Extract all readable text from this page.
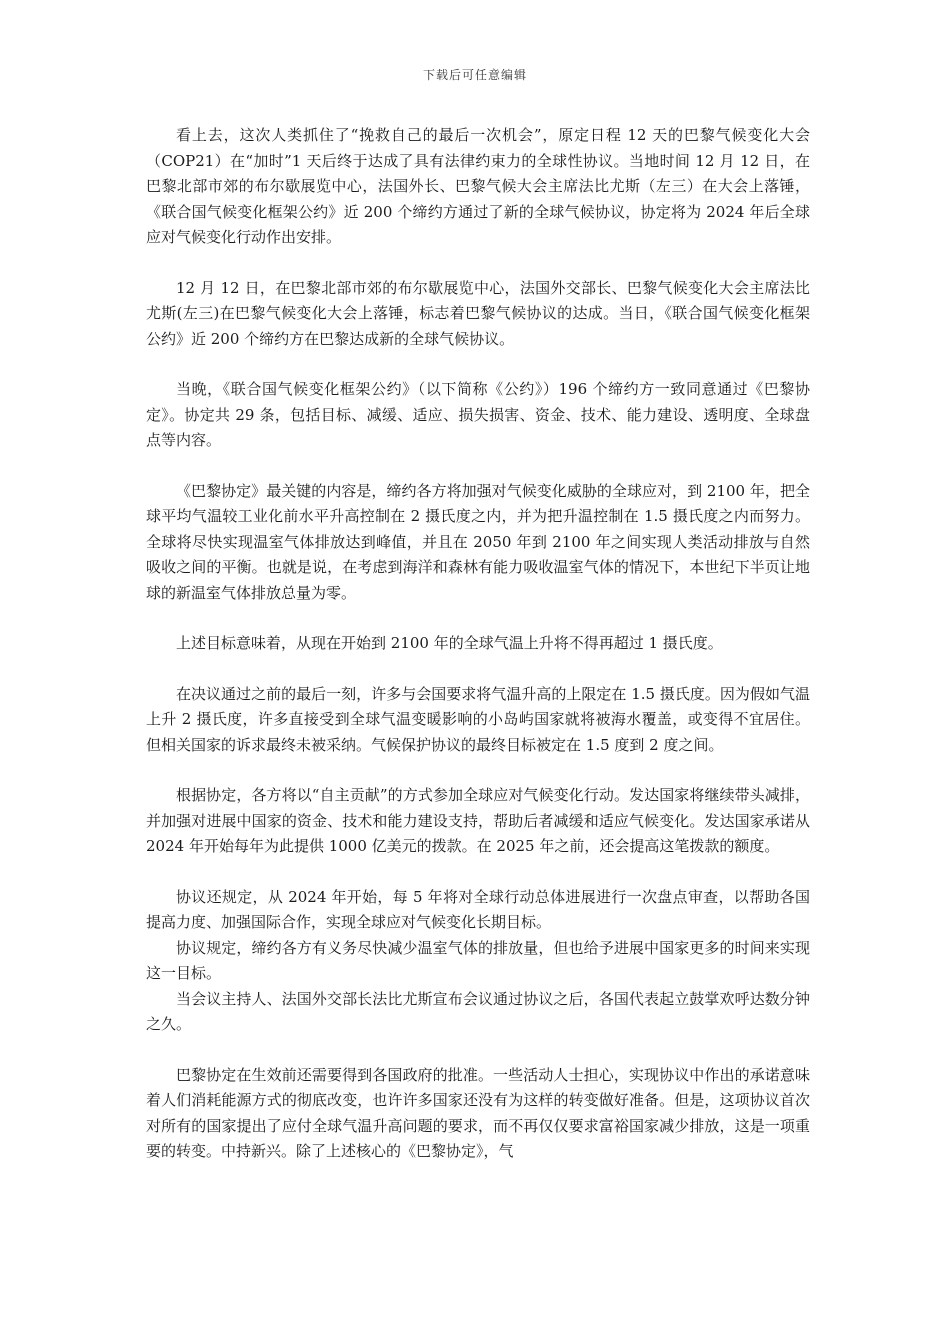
下载后可任意编辑

看上去，这次人类抓住了“挽救自己的最后一次机会”，原定日程 12 天的巴黎气候变化大会（COP21）在“加时”1 天后终于达成了具有法律约束力的全球性协议。当地时间 12 月 12 日，在巴黎北部市郊的布尔歇展览中心，法国外长、巴黎气候大会主席法比尤斯（左三）在大会上落锤，《联合国气候变化框架公约》近 200 个缔约方通过了新的全球气候协议，协定将为 2024 年后全球应对气候变化行动作出安排。

12 月 12 日，在巴黎北部市郊的布尔歇展览中心，法国外交部长、巴黎气候变化大会主席法比尤斯(左三)在巴黎气候变化大会上落锤，标志着巴黎气候协议的达成。当日，《联合国气候变化框架公约》近 200 个缔约方在巴黎达成新的全球气候协议。

当晚，《联合国气候变化框架公约》（以下简称《公约》）196 个缔约方一致同意通过《巴黎协定》。协定共 29 条，包括目标、减缓、适应、损失损害、资金、技术、能力建设、透明度、全球盘点等内容。

《巴黎协定》最关键的内容是，缔约各方将加强对气候变化威胁的全球应对，到 2100 年，把全球平均气温较工业化前水平升高控制在 2 摄氏度之内，并为把升温控制在 1.5 摄氏度之内而努力。全球将尽快实现温室气体排放达到峰值，并且在 2050 年到 2100 年之间实现人类活动排放与自然吸收之间的平衡。也就是说，在考虑到海洋和森林有能力吸收温室气体的情况下，本世纪下半页让地球的新温室气体排放总量为零。

上述目标意味着，从现在开始到 2100 年的全球气温上升将不得再超过 1 摄氏度。

在决议通过之前的最后一刻，许多与会国要求将气温升高的上限定在 1.5 摄氏度。因为假如气温上升 2 摄氏度，许多直接受到全球气温变暖影响的小岛屿国家就将被海水覆盖，或变得不宜居住。但相关国家的诉求最终未被采纳。气候保护协议的最终目标被定在 1.5 度到 2 度之间。

根据协定，各方将以“自主贡献”的方式参加全球应对气候变化行动。发达国家将继续带头减排，并加强对进展中国家的资金、技术和能力建设支持，帮助后者减缓和适应气候变化。发达国家承诺从 2024 年开始每年为此提供 1000 亿美元的拨款。在 2025 年之前，还会提高这笔拨款的额度。

协议还规定，从 2024 年开始，每 5 年将对全球行动总体进展进行一次盘点审查，以帮助各国提高力度、加强国际合作，实现全球应对气候变化长期目标。

协议规定，缔约各方有义务尽快减少温室气体的排放量，但也给予进展中国家更多的时间来实现这一目标。

当会议主持人、法国外交部长法比尤斯宣布会议通过协议之后，各国代表起立鼓掌欢呼达数分钟之久。

巴黎协定在生效前还需要得到各国政府的批准。一些活动人士担心，实现协议中作出的承诺意味着人们消耗能源方式的彻底改变，也许许多国家还没有为这样的转变做好准备。但是，这项协议首次对所有的国家提出了应付全球气温升高问题的要求，而不再仅仅要求富裕国家减少排放，这是一项重要的转变。中持新兴。除了上述核心的《巴黎协定》，气
